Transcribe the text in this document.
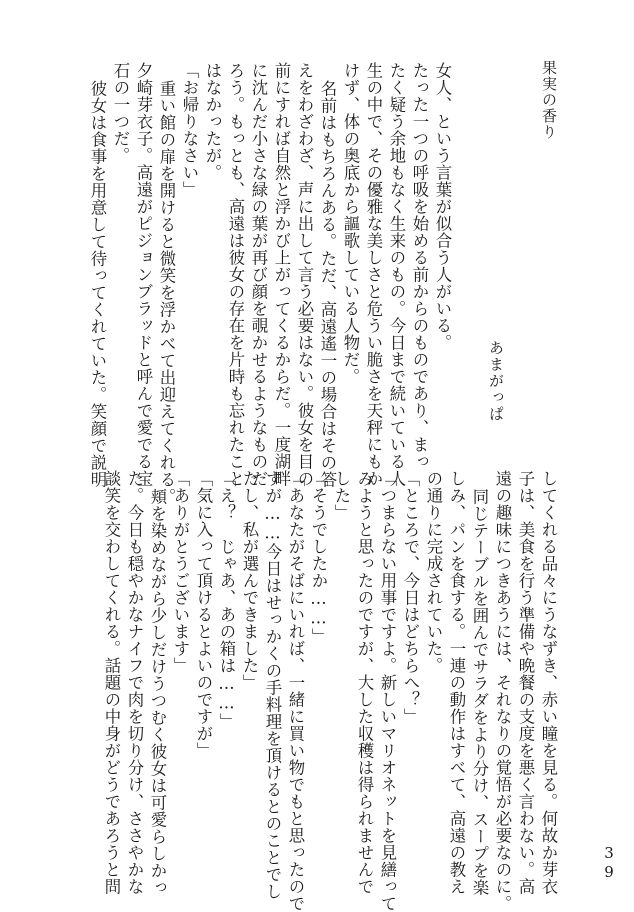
果実の香り
あまがっぱ
女人、という言葉が似合う人がいる。
たった一つの呼吸を始める前からのものであり、まっ
たく疑う余地もなく生来のもの。今日まで続いている人
生の中で、その優雅な美しさと危うい脆さを天秤にもか
けず、体の奥底から謳歌している人物だ。
名前はもちろんある。ただ、高遠遙一の場合はその答
えをわざわざ、声に出して言う必要はない。彼女を目の
前にすれば自然と浮かび上がってくるからだ。一度湖畔
に沈んだ小さな緑の葉が再び顔を覗かせるようなものだ
ろう。もっとも、高遠は彼女の存在を片時も忘れたこと
はなかったが。
「お帰りなさい」
重い館の扉を開けると微笑を浮かべて出迎えてくれる。
夕崎芽衣子。高遠がピジョンブラッドと呼んで愛でる宝
石の一つだ。
彼女は食事を用意して待ってくれていた。笑顔で説明
してくれる品々にうなずき、赤い瞳を見る。何故か芽衣
子は、美食を行う準備や晩餐の支度を悪く言わない。高
遠の趣味につきあうには、それなりの覚悟が必要なのに。
同じテーブルを囲んでサラダをより分け、スープを楽
しみ、パンを食する。一連の動作はすべて、高遠の教え
の通りに完成されていた。
「ところで、今日はどちらへ？」
「つまらない用事ですよ。新しいマリオネットを見繕って
みようと思ったのですが、大した収穫は得られませんで
した」
「そうでしたか……」
「あなたがそばにいれば、一緒に買い物でもと思ったので
すが……今日はせっかくの手料理を頂けるとのことでし
たし、私が選んできました」
「え？　じゃあ、あの箱は……」
「気に入って頂けるとよいのですが」
「ありがとうございます」
頬を染めながら少しだけうつむく彼女は可愛らしかっ
た。今日も穏やかなナイフで肉を切り分け、ささやかな
談笑を交わしてくれる。話題の中身がどうであろうと問	39
